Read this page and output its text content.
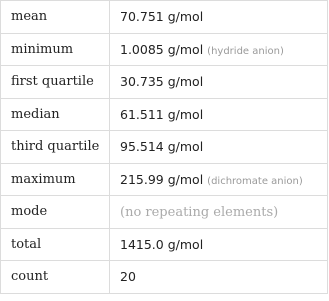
mean	70.751 g/mol
minimum	1.0085 g/mol (hydride anion)
first quartile	30.735 g/mol
median	61.511 g/mol
third quartile	95.514 g/mol
maximum	215.99 g/mol (dichromate anion)
mode	(no repeating elements)
total	1415.0 g/mol
count	20
